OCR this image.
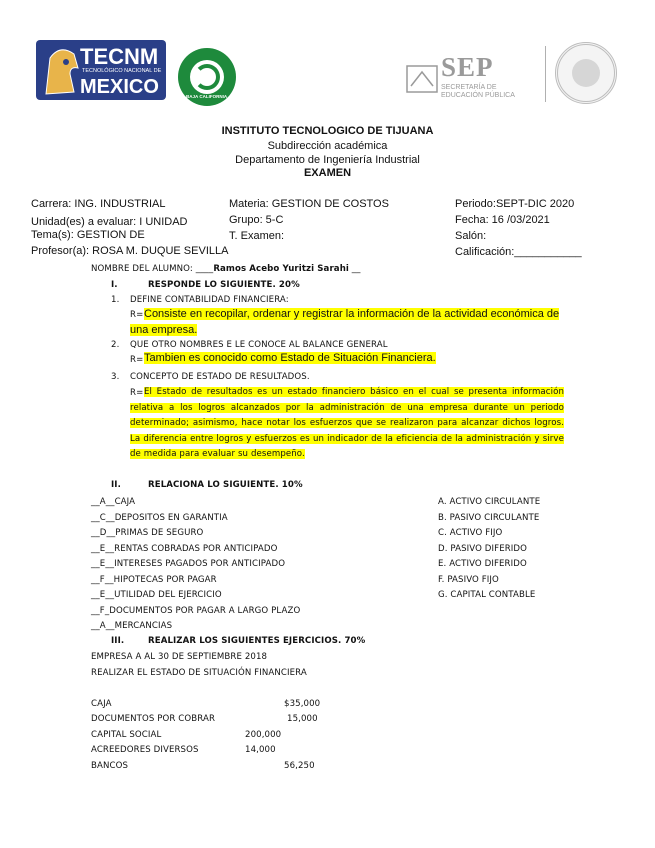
TECNM
TECNOLÓGICO NACIONAL DE
MEXICO	BAJA CALIFORNIA
SEP
SECRETARÍA DE
EDUCACIÓN PÚBLICA
INSTITUTO TECNOLOGICO DE TIJUANA
Subdirección académica
Departamento de Ingeniería Industrial
EXAMEN
Carrera: ING. INDUSTRIAL	Materia: GESTION DE COSTOS	Periodo:SEPT-DIC 2020
Unidad(es) a evaluar: I UNIDAD	Grupo: 5-C	Fecha: 16 /03/2021
Tema(s): GESTION DE	T. Examen:	Salón:
Profesor(a): ROSA M. DUQUE SEVILLA	Calificación:___________
NOMBRE DEL ALUMNO: ____Ramos Acebo Yuritzi Sarahi __
I.	RESPONDE LO SIGUIENTE. 20%
1. DEFINE CONTABILIDAD FINANCIERA:
R= Consiste en recopilar, ordenar y registrar la información de la actividad económica de una empresa.

2. QUE OTRO NOMBRES E LE CONOCE AL BALANCE GENERAL
R= Tambien es conocido como Estado de Situación Financiera.
3. CONCEPTO DE ESTADO DE RESULTADOS.
R= El Estado de resultados es un estado financiero básico en el cual se presenta información relativa a los logros alcanzados por la administración de una empresa durante un periodo determinado; asimismo, hace notar los esfuerzos que se realizaron para alcanzar dichos logros. La diferencia entre logros y esfuerzos es un indicador de la eficiencia de la administración y sirve de medida para evaluar su desempeño.

II.	RELACIONA LO SIGUIENTE. 10%
__A__CAJA
__C__DEPOSITOS EN GARANTIA
__D__PRIMAS DE SEGURO
__E__RENTAS COBRADAS POR ANTICIPADO
__E__INTERESES PAGADOS POR ANTICIPADO
__F__HIPOTECAS POR PAGAR
__E__UTILIDAD DEL EJERCICIO
__F_DOCUMENTOS POR PAGAR A LARGO PLAZO
__A__MERCANCIAS
A. ACTIVO CIRCULANTE
B. PASIVO CIRCULANTE
C. ACTIVO FIJO
D. PASIVO DIFERIDO
E. ACTIVO DIFERIDO
F. PASIVO FIJO
G. CAPITAL CONTABLE
III.	REALIZAR LOS SIGUIENTES EJERCICIOS. 70%
EMPRESA A AL 30 DE SEPTIEMBRE 2018
REALIZAR EL ESTADO DE SITUACIÓN FINANCIERA
CAJA	$35,000
DOCUMENTOS POR COBRAR	15,000
CAPITAL SOCIAL	200,000
ACREEDORES DIVERSOS	14,000
BANCOS	56,250
